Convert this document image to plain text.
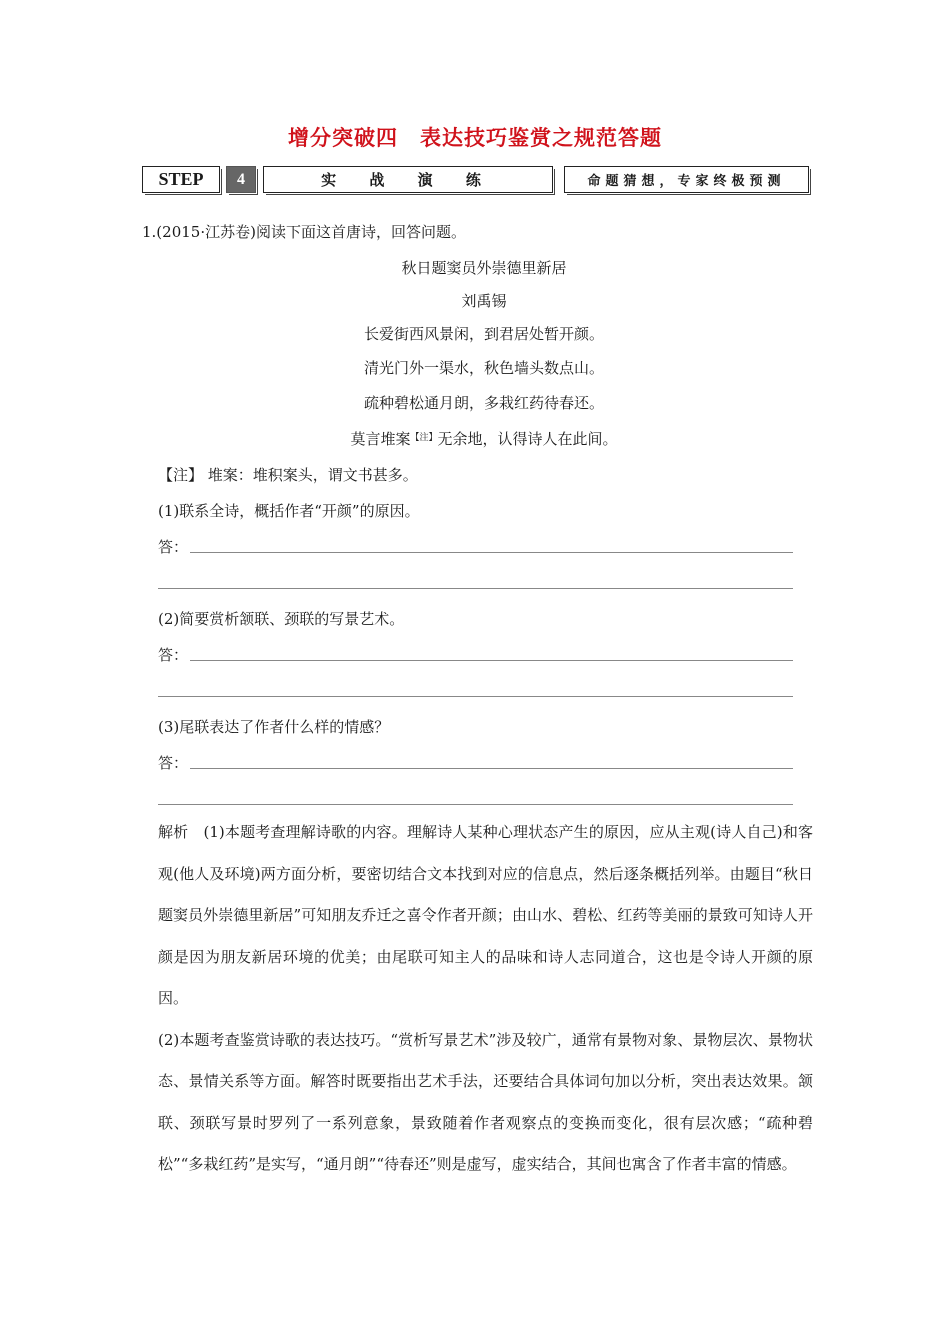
增分突破四　表达技巧鉴赏之规范答题
STEP	4	实 战 演 练	命题猜想，专家终极预测
1.(2015·江苏卷)阅读下面这首唐诗，回答问题。
秋日题窦员外崇德里新居
刘禹锡
长爱街西风景闲，到君居处暂开颜。
清光门外一渠水，秋色墙头数点山。
疏种碧松通月朗，多栽红药待春还。
莫言堆案$^{【注】}$无余地，认得诗人在此间。
【注】 堆案：堆积案头，谓文书甚多。
(1)联系全诗，概括作者“开颜”的原因。
答：
(2)简要赏析颔联、颈联的写景艺术。
答：
(3)尾联表达了作者什么样的情感？
答：

解析　(1)本题考查理解诗歌的内容。理解诗人某种心理状态产生的原因，应从主观(诗人自己)和客观(他人及环境)两方面分析，要密切结合文本找到对应的信息点，然后逐条概括列举。由题目“秋日题窦员外崇德里新居”可知朋友乔迁之喜令作者开颜；由山水、碧松、红药等美丽的景致可知诗人开颜是因为朋友新居环境的优美；由尾联可知主人的品味和诗人志同道合，这也是令诗人开颜的原因。

(2)本题考查鉴赏诗歌的表达技巧。“赏析写景艺术”涉及较广，通常有景物对象、景物层次、景物状态、景情关系等方面。解答时既要指出艺术手法，还要结合具体词句加以分析，突出表达效果。颔联、颈联写景时罗列了一系列意象，景致随着作者观察点的变换而变化，很有层次感；“疏种碧松”“多栽红药”是实写，“通月朗”“待春还”则是虚写，虚实结合，其间也寓含了作者丰富的情感。
